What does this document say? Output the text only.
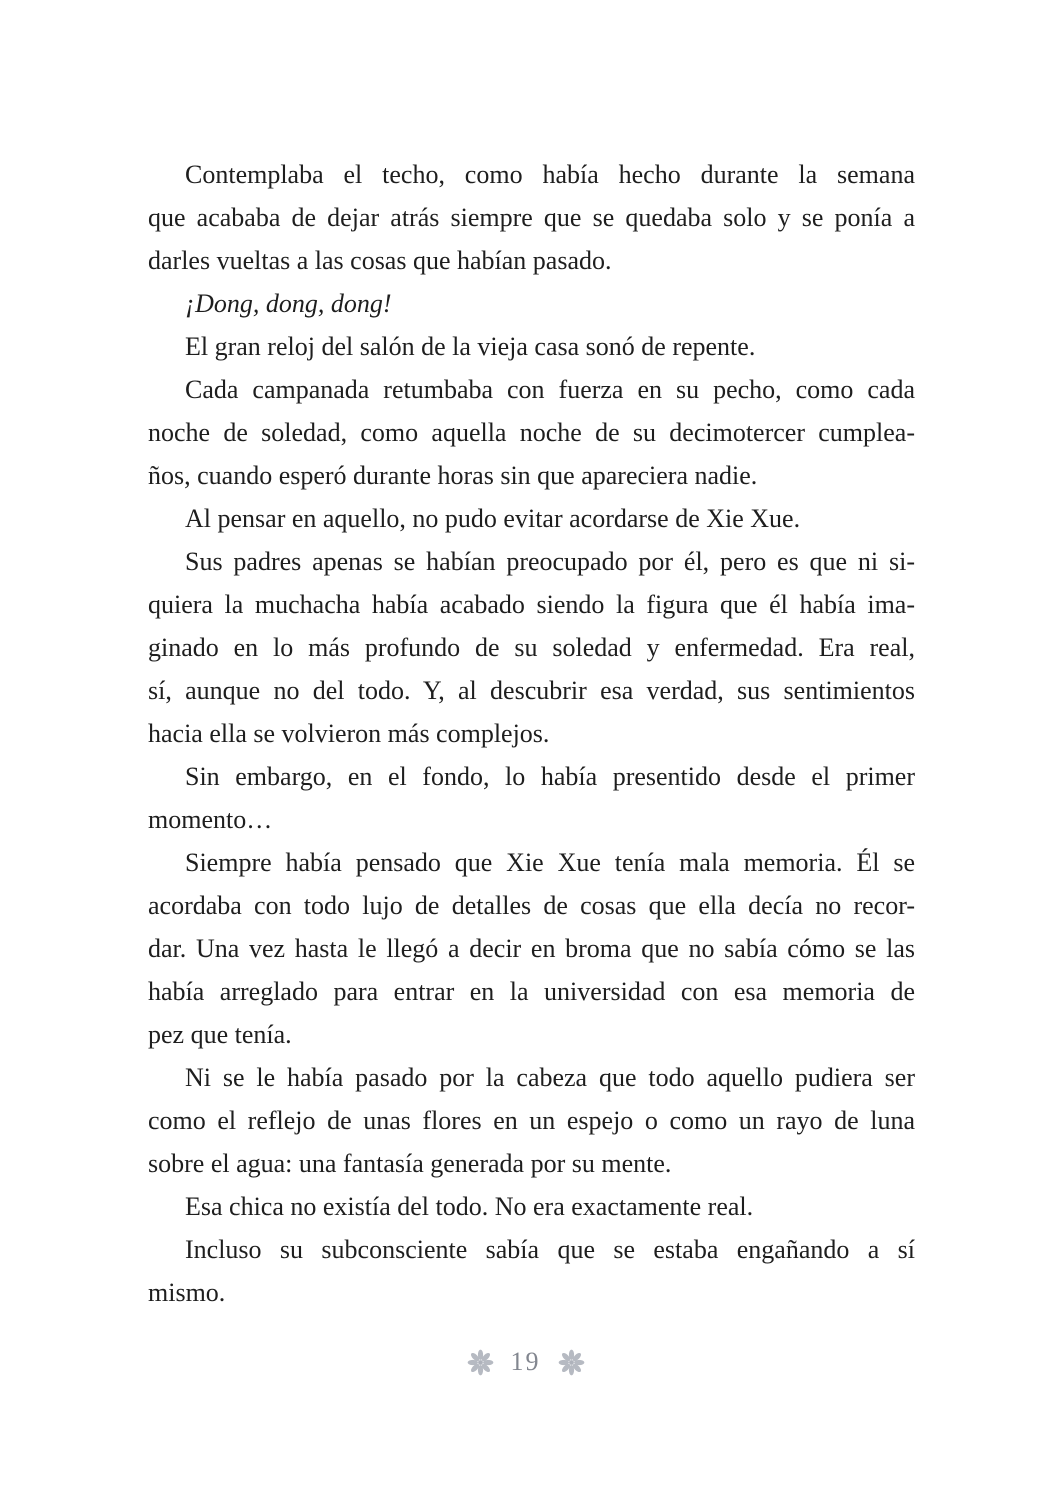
Contemplaba el techo, como había hecho durante la semana
que acababa de dejar atrás siempre que se quedaba solo y se ponía a
darles vueltas a las cosas que habían pasado.
¡Dong, dong, dong!
El gran reloj del salón de la vieja casa sonó de repente.
Cada campanada retumbaba con fuerza en su pecho, como cada
noche de soledad, como aquella noche de su decimotercer cumplea-
ños, cuando esperó durante horas sin que apareciera nadie.
Al pensar en aquello, no pudo evitar acordarse de Xie Xue.
Sus padres apenas se habían preocupado por él, pero es que ni si-
quiera la muchacha había acabado siendo la figura que él había ima-
ginado en lo más profundo de su soledad y enfermedad. Era real,
sí, aunque no del todo. Y, al descubrir esa verdad, sus sentimientos
hacia ella se volvieron más complejos.
Sin embargo, en el fondo, lo había presentido desde el primer
momento…
Siempre había pensado que Xie Xue tenía mala memoria. Él se
acordaba con todo lujo de detalles de cosas que ella decía no recor-
dar. Una vez hasta le llegó a decir en broma que no sabía cómo se las
había arreglado para entrar en la universidad con esa memoria de
pez que tenía.
Ni se le había pasado por la cabeza que todo aquello pudiera ser
como el reflejo de unas flores en un espejo o como un rayo de luna
sobre el agua: una fantasía generada por su mente.
Esa chica no existía del todo. No era exactamente real.
Incluso su subconsciente sabía que se estaba engañando a sí
mismo.
19
